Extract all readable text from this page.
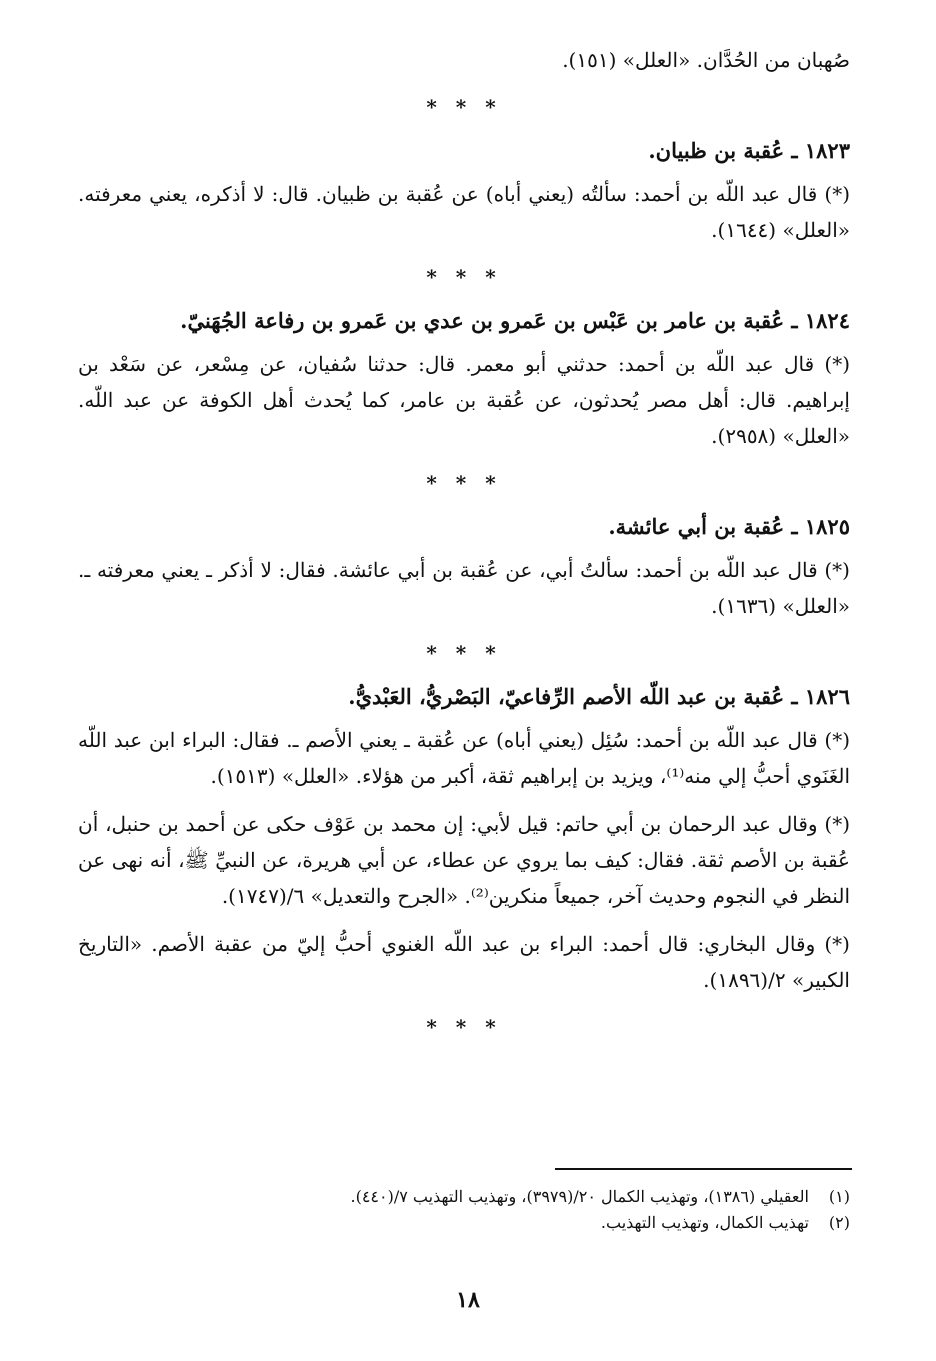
صُهبان من الحُدَّان. «العلل» (١٥١).

* * *
١٨٢٣ ـ عُقبة بن ظبيان.

(*) قال عبد اللّه بن أحمد: سألتُه (يعني أباه) عن عُقبة بن ظبيان. قال: لا أذكره، يعني معرفته. «العلل» (١٦٤٤).

* * *
١٨٢٤ ـ عُقبة بن عامر بن عَبْس بن عَمرو بن عدي بن عَمرو بن رفاعة الجُهَنيّ.

(*) قال عبد اللّه بن أحمد: حدثني أبو معمر. قال: حدثنا سُفيان، عن مِسْعر، عن سَعْد بن إبراهيم. قال: أهل مصر يُحدثون، عن عُقبة بن عامر، كما يُحدث أهل الكوفة عن عبد اللّه. «العلل» (٢٩٥٨).

* * *
١٨٢٥ ـ عُقبة بن أبي عائشة.

(*) قال عبد اللّه بن أحمد: سألتُ أبي، عن عُقبة بن أبي عائشة. فقال: لا أذكر ـ يعني معرفته ـ. «العلل» (١٦٣٦).

* * *
١٨٢٦ ـ عُقبة بن عبد اللّه الأصم الرِّفاعيّ، البَصْريُّ، العَبْديُّ.

(*) قال عبد اللّه بن أحمد: سُئِل (يعني أباه) عن عُقبة ـ يعني الأصم ـ. فقال: البراء ابن عبد اللّه الغَنَوي أحبُّ إلي منه⁽¹⁾، ويزيد بن إبراهيم ثقة، أكبر من هؤلاء. «العلل» (١٥١٣).

(*) وقال عبد الرحمان بن أبي حاتم: قيل لأبي: إن محمد بن عَوْف حكى عن أحمد بن حنبل، أن عُقبة بن الأصم ثقة. فقال: كيف بما يروي عن عطاء، عن أبي هريرة، عن النبيِّ ﷺ، أنه نهى عن النظر في النجوم وحديث آخر، جميعاً منكرين⁽²⁾. «الجرح والتعديل» ٦/(١٧٤٧).

(*) وقال البخاري: قال أحمد: البراء بن عبد اللّه الغنوي أحبُّ إليّ من عقبة الأصم. «التاريخ الكبير» ٢/(١٨٩٦).

* * *

(١) العقيلي (١٣٨٦)، وتهذيب الكمال ٢٠/(٣٩٧٩)، وتهذيب التهذيب ٧/(٤٤٠).

(٢) تهذيب الكمال، وتهذيب التهذيب.

١٨
